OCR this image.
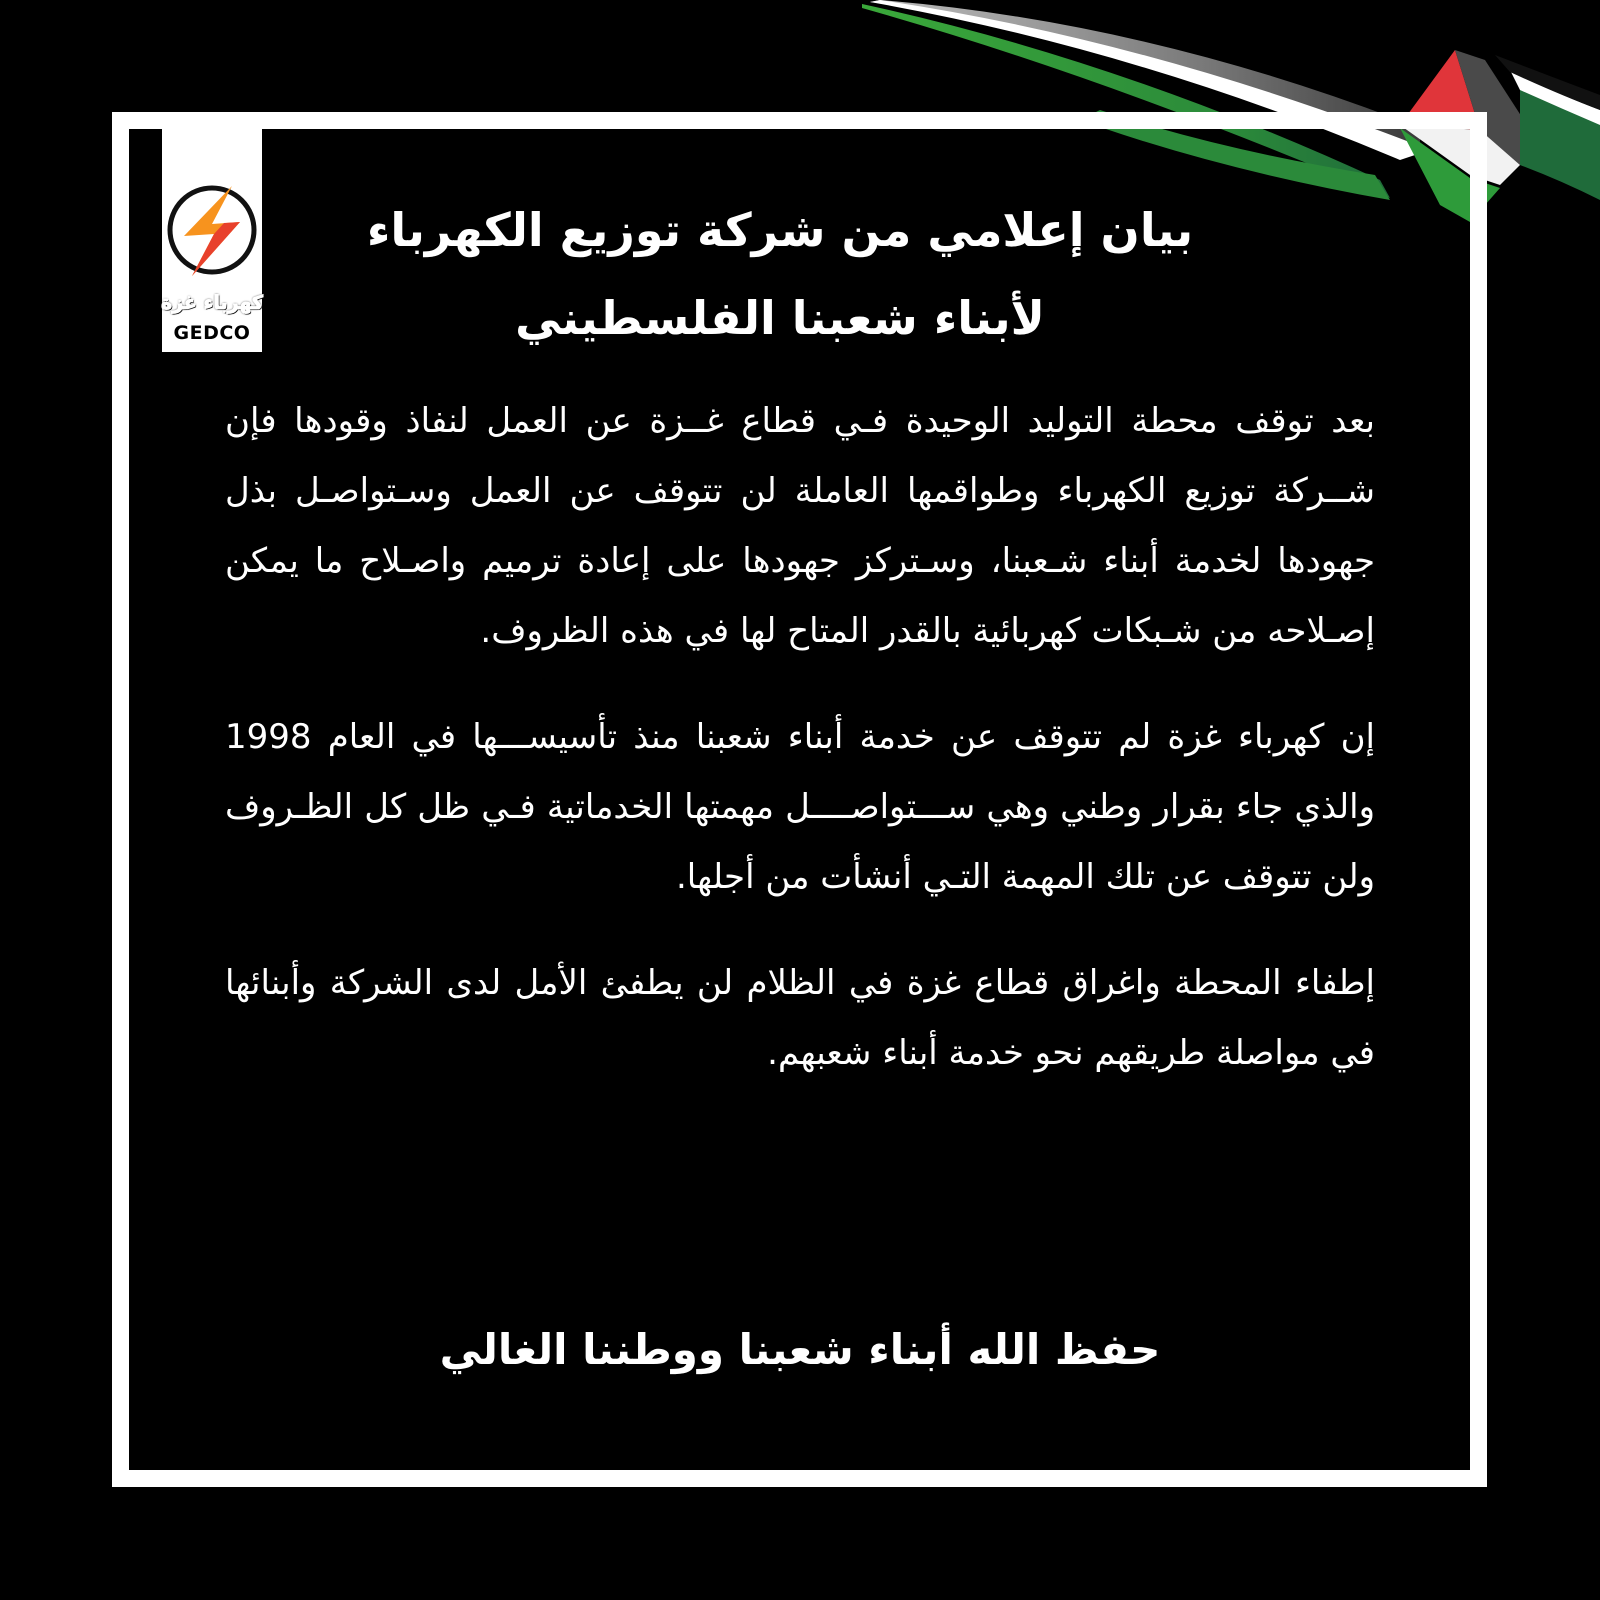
كهرباء غزة
GEDCO
بيان إعلامي من شركة توزيع الكهرباء
لأبناء شعبنا الفلسطيني

بعد توقف محطة التوليد الوحيدة فـي قطاع غــزة عن العمل لنفاذ وقودها فإن شــركة توزيع الكهرباء وطواقمها العاملة لن تتوقف عن العمل وسـتواصـل بذل جهودها لخدمة أبناء شـعبنا، وسـتركز جهودها على إعادة ترميم واصـلاح ما يمكن إصـلاحه من شـبكات كهربائية بالقدر المتاح لها في هذه الظروف.

إن كهرباء غزة لم تتوقف عن خدمة أبناء شعبنا منذ تأسيســـها في العام 1998 والذي جاء بقرار وطني وهي ســـتواصــــل مهمتها الخدماتية فـي ظل كل الظـروف ولن تتوقف عن تلك المهمة التـي أنشأت من أجلها.

إطفاء المحطة واغراق قطاع غزة في الظلام لن يطفئ الأمل لدى الشركة وأبنائها في مواصلة طريقهم نحو خدمة أبناء شعبهم.

حفظ الله أبناء شعبنا ووطننا الغالي
